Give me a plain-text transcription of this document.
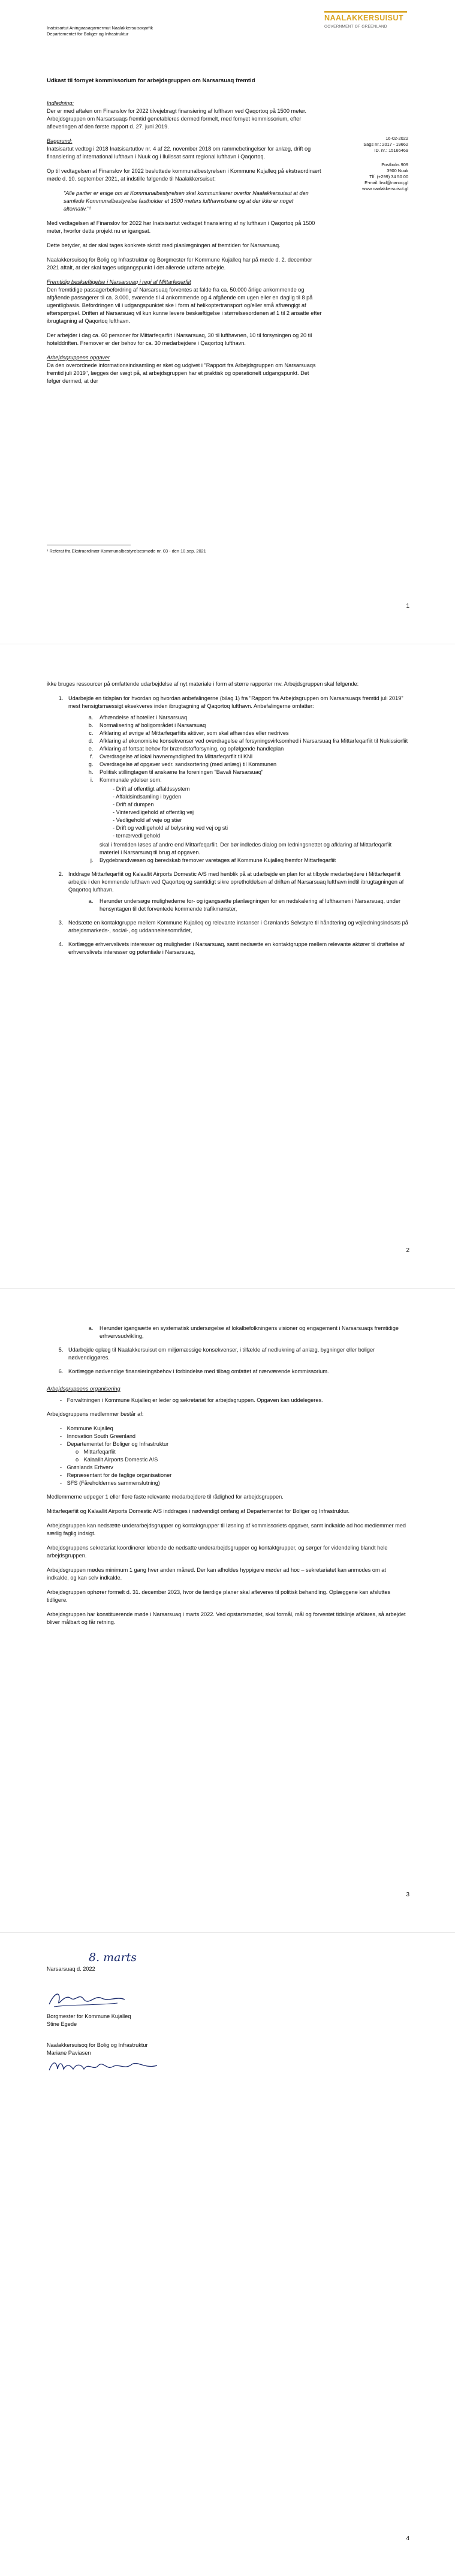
Inatsisartut Aningaasaqarnermut Naalakkersuisoqarfik
Departementet for Boliger og Infrastruktur
NAALAKKERSUISUT
GOVERNMENT OF GREENLAND
Udkast til fornyet kommissorium for arbejdsgruppen om Narsarsuaq fremtid
16-02-2022
Sags nr.: 2017 - 19662
ID. nr.: 15166469
Postboks 909
3900 Nuuk
Tlf. (+299) 34 50 00
E-mail: bsd@nanoq.gl
www.naalakkersuisut.gl
Indledning:

Der er med aftalen om Finanslov for 2022 tilvejebragt finansiering af lufthavn ved Qaqortoq på 1500 meter. Arbejdsgruppen om Narsarsuaqs fremtid genetableres dermed formelt, med fornyet kommissorium, efter afleveringen af den første rapport d. 27. juni 2019.

Baggrund:

Inatsisartut vedtog i 2018 Inatsisartutlov nr. 4 af 22. november 2018 om rammebetingelser for anlæg, drift og finansiering af international lufthavn i Nuuk og i Ilulissat samt regional lufthavn i Qaqortoq.

Op til vedtagelsen af Finanslov for 2022 besluttede kommunalbestyrelsen i Kommune Kujalleq på ekstraordinært møde d. 10. september 2021, at indstille følgende til Naalakkersuisut:

"Alle partier er enige om at Kommunalbestyrelsen skal kommunikerer overfor Naalakkersuisut at den samlede Kommunalbestyrelse fastholder et 1500 meters lufthavnsbane og at der ikke er noget alternativ."¹

Med vedtagelsen af Finanslov for 2022 har Inatsisartut vedtaget finansiering af ny lufthavn i Qaqortoq på 1500 meter, hvorfor dette projekt nu er igangsat.

Dette betyder, at der skal tages konkrete skridt med planlægningen af fremtiden for Narsarsuaq.

Naalakkersuisoq for Bolig og Infrastruktur og Borgmester for Kommune Kujalleq har på møde d. 2. december 2021 aftalt, at der skal tages udgangspunkt i det allerede udførte arbejde.

Fremtidig beskæftigelse i Narsarsuaq i regi af Mittarfeqarfiit

Den fremtidige passagerbefordring af Narsarsuaq forventes at falde fra ca. 50.000 årlige ankommende og afgående passagerer til ca. 3.000, svarende til 4 ankommende og 4 afgående om ugen eller en daglig til 8 på ugentligbasis. Befordringen vil i udgangspunktet ske i form af helikoptertransport og/eller små afhængigt af efterspørgsel. Driften af Narsarsuaq vil kun kunne levere beskæftigelse i størrelsesordenen af 1 til 2 ansatte efter ibrugtagning af Qaqortoq lufthavn.

Der arbejder i dag ca. 60 personer for Mittarfeqarfiit i Narsarsuaq, 30 til lufthavnen, 10 til forsyningen og 20 til hotelddriften. Fremover er der behov for ca. 30 medarbejdere i Qaqortoq lufthavn.

Arbejdsgruppens opgaver

Da den overordnede informationsindsamling er sket og udgivet i "Rapport fra Arbejdsgruppen om Narsarsuaqs fremtid juli 2019", lægges der vægt på, at arbejdsgruppen har et praktisk og operationelt udgangspunkt. Det følger dermed, at der

¹ Referat fra Ekstraordinær Kommunalbestyrelsesmøde nr. 03 - den 10.sep. 2021
1

ikke bruges ressourcer på omfattende udarbejdelse af nyt materiale i form af større rapporter mv. Arbejdsgruppen skal følgende:

1. Udarbejde en tidsplan for hvordan og hvordan anbefalingerne (bilag 1) fra "Rapport fra Arbejdsgruppen om Narsarsuaqs fremtid juli 2019" mest hensigtsmæssigt eksekveres inden ibrugtagning af Qaqortoq lufthavn. Anbefalingerne omfatter:
a. Afhændelse af hotellet i Narsarsuaq
b. Normalisering af boligområdet i Narsarsuaq
c. Afklaring af øvrige af Mittarfeqarfiits aktiver, som skal afhændes eller nedrives
d. Afklaring af økonomiske konsekvenser ved overdragelse af forsyningsvirksomhed i Narsarsuaq fra Mittarfeqarfiit til Nukissiorfiit
e. Afklaring af fortsat behov for brændstofforsyning, og opfølgende handleplan
f. Overdragelse af lokal havnemyndighed fra Mittarfeqarfiit til KNI
g. Overdragelse af opgaver vedr. sandsortering (med anlæg) til Kommunen
h. Politisk stillingtagen til anskæne fra foreningen "Bavali Narsarsuaq"
i. Kommunale ydelser som:
- Drift af offentligt affaldssystem
- Affaldsindsamling i bygden
- Drift af dumpen
- Vintervedligehold af offentlig vej
- Vedligehold af veje og stier
- Drift og vedligehold af belysning ved vej og sti
- ternærvedligehold
skal i fremtiden løses af andre end Mittarfeqarfiit. Der bør indledes dialog om ledningsnettet og afklaring af Mittarfeqarfiit materiel i Narsarsuaq til brug af opgaven.
j. Bygdebrandvæsen og beredskab fremover varetages af Kommune Kujalleq fremfor Mittarfeqarfiit
2. Inddrage Mittarfeqarfiit og Kalaallit Airports Domestic A/S med henblik på at udarbejde en plan for at tilbyde medarbejdere i Mittarfeqarfiit arbejde i den kommende lufthavn ved Qaqortoq og samtidigt sikre opretholdelsen af driften af Narsarsuaq lufthavn indtil ibrugtagningen af Qaqortoq lufthavn.
a. Herunder undersøge mulighederne for- og igangsætte planlægningen for en nedskalering af lufthavnen i Narsarsuaq, under hensyntagen til det forventede kommende trafikmønster,
3. Nedsætte en kontaktgruppe mellem Kommune Kujalleq og relevante instanser i Grønlands Selvstyre til håndtering og vejledningsindsats på arbejdsmarkeds-, social-, og uddannelsesområdet,
4. Kortlægge erhvervslivets interesser og muligheder i Narsarsuaq, samt nedsætte en kontaktgruppe mellem relevante aktører til drøftelse af erhvervslivets interesser og potentiale i Narsarsuaq,
2
a. Herunder igangsætte en systematisk undersøgelse af lokalbefolkningens visioner og engagement i Narsarsuaqs fremtidige erhvervsudvikling,
5. Udarbejde oplæg til Naalakkersuisut om miljømæssige konsekvenser, i tilfælde af nedlukning af anlæg, bygninger eller boliger nødvendiggøres.
6. Kortlægge nødvendige finansieringsbehov i forbindelse med tilbag omfattet af nærværende kommissorium.
Arbejdsgruppens organisering
- Forvaltningen i Kommune Kujalleq er leder og sekretariat for arbejdsgruppen. Opgaven kan uddelegeres.

Arbejdsgruppens medlemmer består af:

- Kommune Kujalleq
- Innovation South Greenland
- Departementet for Boliger og Infrastruktur
o Mittarfeqarfiit
o Kalaallit Airports Domestic A/S
- Grønlands Erhverv
- Repræsentant for de faglige organisationer
- SFS (Fåreholdernes sammenslutning)

Medlemmerne udpeger 1 eller flere faste relevante medarbejdere til rådighed for arbejdsgruppen.

Mittarfeqarfiit og Kalaallit Airports Domestic A/S inddrages i nødvendigt omfang af Departementet for Boliger og Infrastruktur.

Arbejdsgruppen kan nedsætte underarbejdsgrupper og kontaktgrupper til løsning af kommissoriets opgaver, samt indkalde ad hoc medlemmer med særlig faglig indsigt.

Arbejdsgruppens sekretariat koordinerer løbende de nedsatte underarbejdsgrupper og kontaktgrupper, og sørger for videndeling blandt hele arbejdsgruppen.

Arbejdsgruppen mødes minimum 1 gang hver anden måned. Der kan afholdes hyppigere møder ad hoc – sekretariatet kan anmodes om at indkalde, og kan selv indkalde.

Arbejdsgruppen ophører formelt d. 31. december 2023, hvor de færdige planer skal afleveres til politisk behandling. Oplæggene kan afsluttes tidligere.

Arbejdsgruppen har konstituerende møde i Narsarsuaq i marts 2022. Ved opstartsmødet, skal formål, mål og forventet tidslinje afklares, så arbejdet bliver målbart og får retning.

3
8. marts
Narsarsuaq d. 2022
Borgmester for Kommune Kujalleq
Stine Egede
Naalakkersuisoq for Bolig og Infrastruktur
Mariane Paviasen
4
